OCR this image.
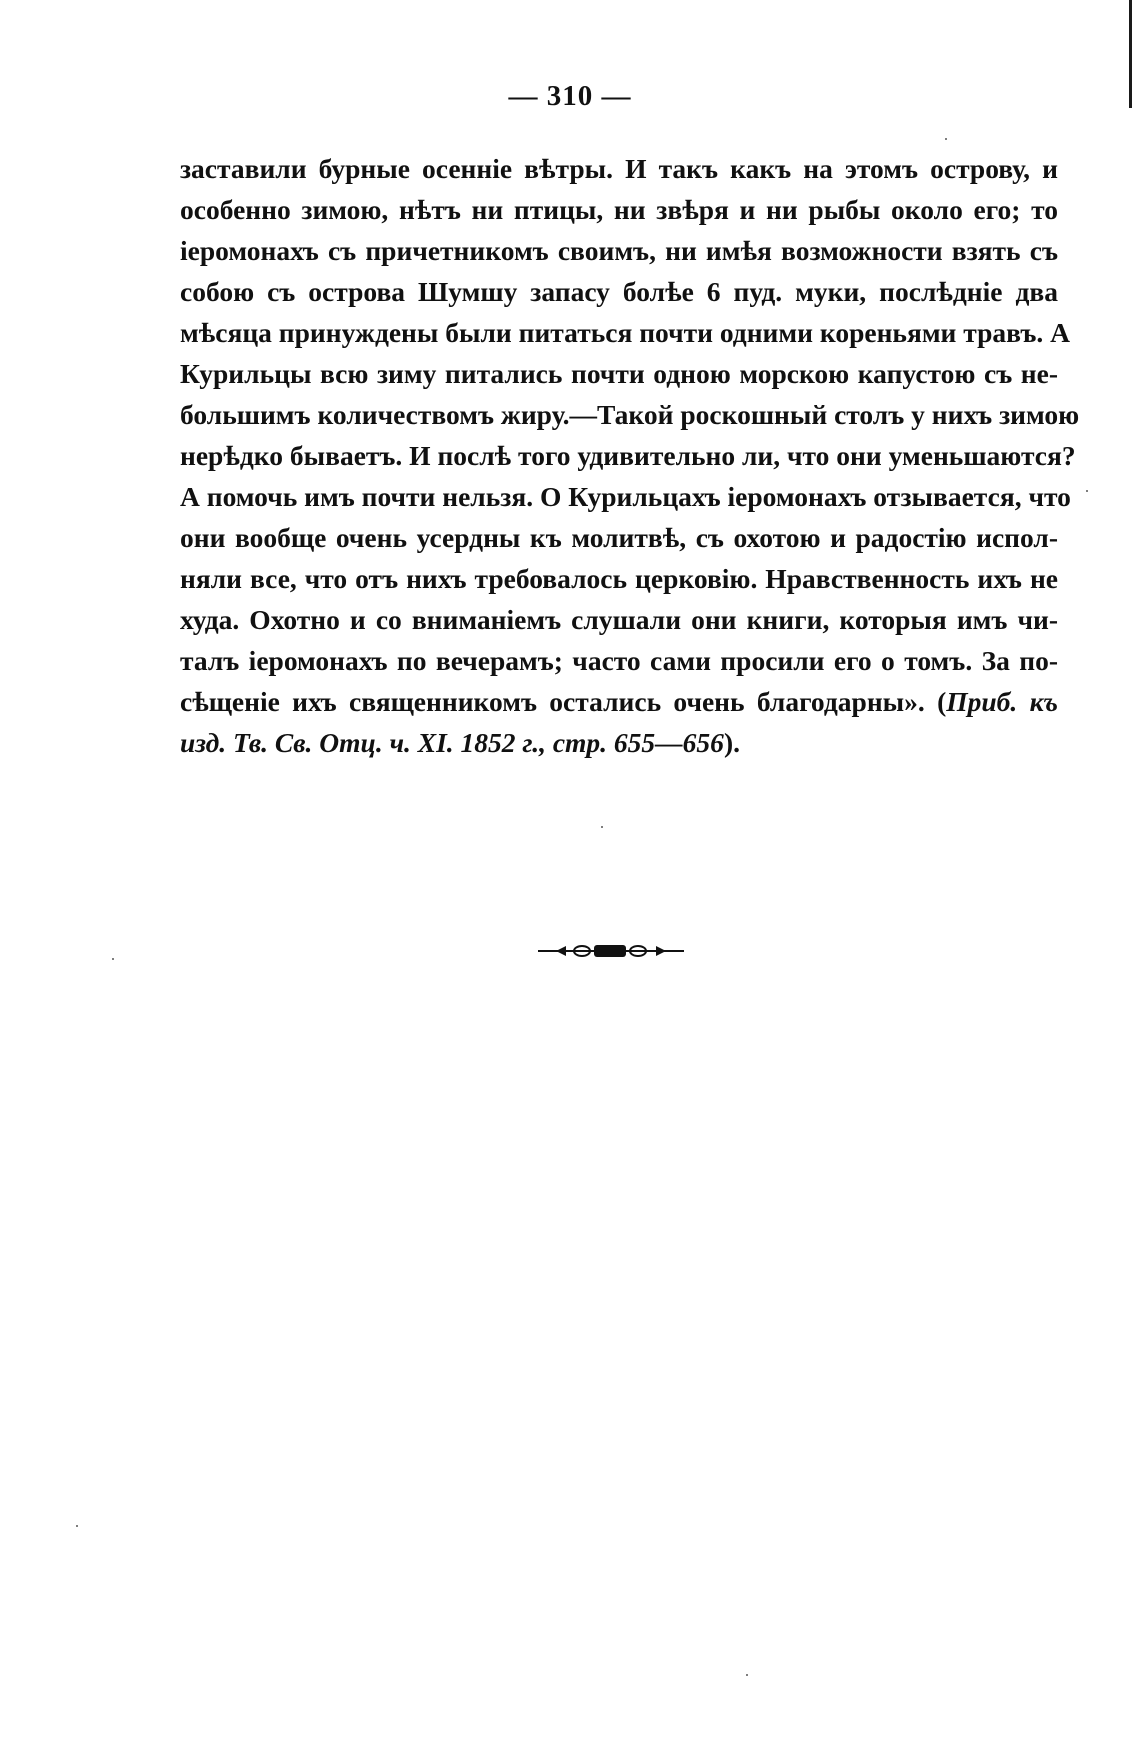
— 310 —
заставили бурные осенніе вѣтры. И такъ какъ на этомъ острову, и
особенно зимою, нѣтъ ни птицы, ни звѣря и ни рыбы около его; то
іеромонахъ съ причетникомъ своимъ, ни имѣя возможности взять съ
собою съ острова Шумшу запасу болѣе 6 пуд. муки, послѣдніе два
мѣсяца принуждены были питаться почти одними кореньями травъ. А
Курильцы всю зиму питались почти одною морскою капустою съ не-
большимъ количествомъ жиру.—Такой роскошный столъ у нихъ зимою
нерѣдко бываетъ. И послѣ того удивительно ли, что они уменьшаются?
А помочь имъ почти нельзя. О Курильцахъ іеромонахъ отзывается, что
они вообще очень усердны къ молитвѣ, съ охотою и радостію испол-
няли все, что отъ нихъ требовалось церковію. Нравственность ихъ не
худа. Охотно и со вниманіемъ слушали они книги, которыя имъ чи-
талъ іеромонахъ по вечерамъ; часто сами просили его о томъ. За по-
сѣщеніе ихъ священникомъ остались очень благодарны». (Приб. къ
изд. Тв. Св. Отц. ч. XI. 1852 г., стр. 655—656).
